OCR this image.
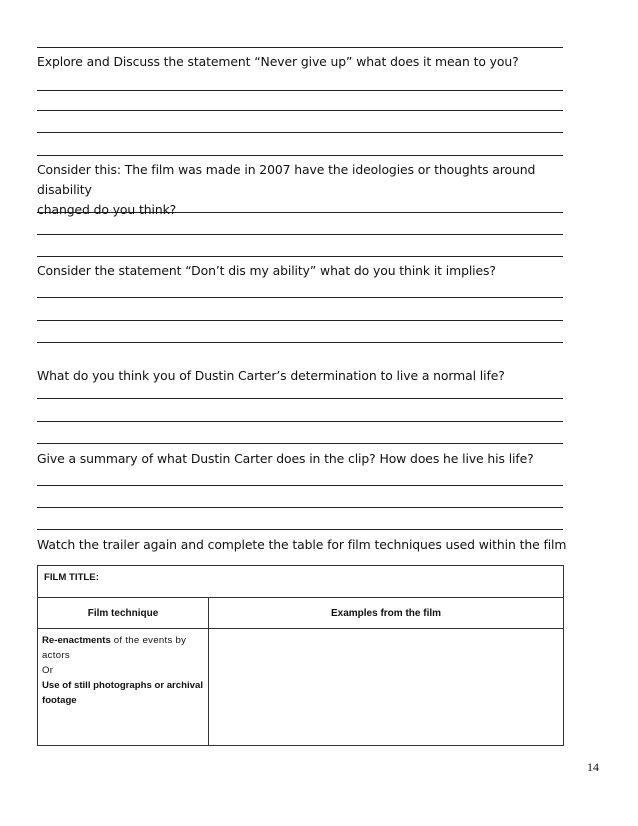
Explore and Discuss the statement “Never give up” what does it mean to you?
Consider this: The film was made in 2007 have the ideologies or thoughts around disability
changed do you think?
Consider the statement “Don’t dis my ability” what do you think it implies?
What do you think you of Dustin Carter’s determination to live a normal life?
Give a summary of what Dustin Carter does in the clip? How does he live his life?
Watch the trailer again and complete the table for film techniques used within the film
FILM TITLE:	
Film technique	Examples from the film
Re-enactments of the events by actors
Or
Use of still photographs or archival footage	
14
